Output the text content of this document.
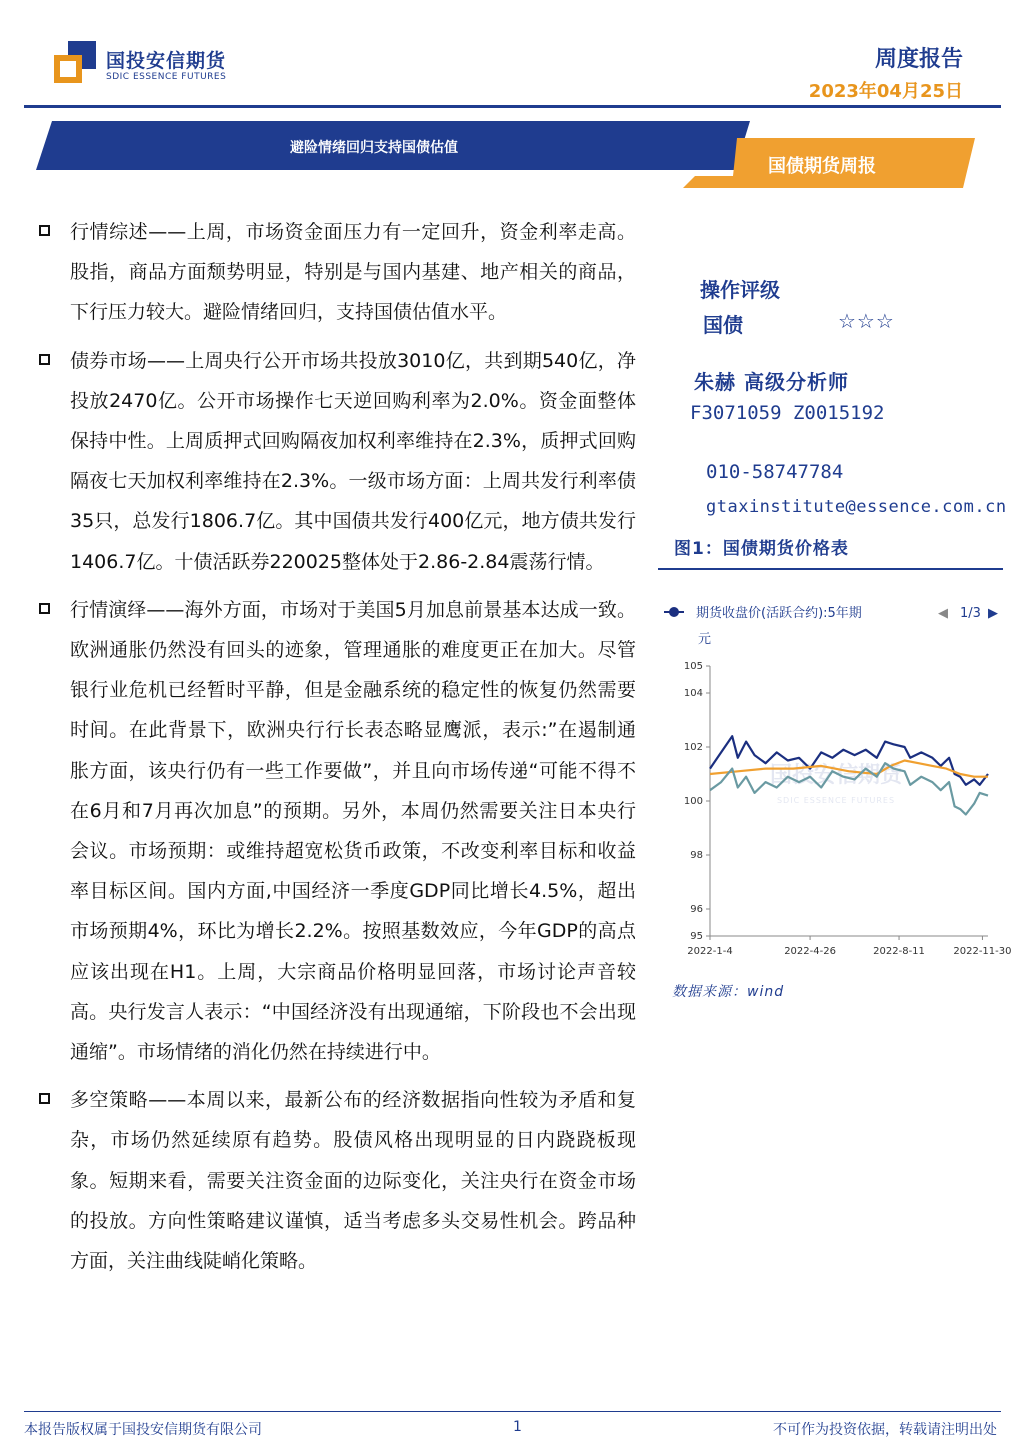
国投安信期货
SDIC ESSENCE FUTURES
周度报告
2023年04月25日
避险情绪回归支持国债估值
国债期货周报

行情综述——上周，市场资金面压力有一定回升，资金利率走高。股指，商品方面颓势明显，特别是与国内基建、地产相关的商品，下行压力较大。避险情绪回归，支持国债估值水平。

债券市场——上周央行公开市场共投放3010亿，共到期540亿，净投放2470亿。公开市场操作七天逆回购利率为2.0%。资金面整体保持中性。上周质押式回购隔夜加权利率维持在2.3%，质押式回购隔夜七天加权利率维持在2.3%。一级市场方面：上周共发行利率债35只，总发行1806.7亿。其中国债共发行400亿元，地方债共发行1406.7亿。十债活跃券220025整体处于2.86-2.84震荡行情。

行情演绎——海外方面，市场对于美国5月加息前景基本达成一致。欧洲通胀仍然没有回头的迹象，管理通胀的难度更正在加大。尽管银行业危机已经暂时平静，但是金融系统的稳定性的恢复仍然需要时间。在此背景下，欧洲央行行长表态略显鹰派，表示:”在遏制通胀方面，该央行仍有一些工作要做”，并且向市场传递“可能不得不在6月和7月再次加息”的预期。另外，本周仍然需要关注日本央行会议。市场预期：或维持超宽松货币政策，不改变利率目标和收益率目标区间。国内方面,中国经济一季度GDP同比增长4.5%，超出市场预期4%，环比为增长2.2%。按照基数效应，今年GDP的高点应该出现在H1。上周，大宗商品价格明显回落，市场讨论声音较高。央行发言人表示：“中国经济没有出现通缩，下阶段也不会出现通缩”。市场情绪的消化仍然在持续进行中。

多空策略——本周以来，最新公布的经济数据指向性较为矛盾和复杂，市场仍然延续原有趋势。股债风格出现明显的日内跷跷板现象。短期来看，需要关注资金面的边际变化，关注央行在资金市场的投放。方向性策略建议谨慎，适当考虑多头交易性机会。跨品种方面，关注曲线陡峭化策略。

操作评级
国债	☆☆☆
朱赫 高级分析师
F3071059 Z0015192
010-58747784
gtaxinstitute@essence.com.cn
图1：国债期货价格表
期货收盘价(活跃合约):5年期	◀ 1/3 ▶
元
国投安信期货
SDIC ESSENCE FUTURES
95
96
98
100
102
104
105
2022-1-4	2022-4-26	2022-8-11	2022-11-30
数据来源：wind
本报告版权属于国投安信期货有限公司	1	不可作为投资依据，转载请注明出处
